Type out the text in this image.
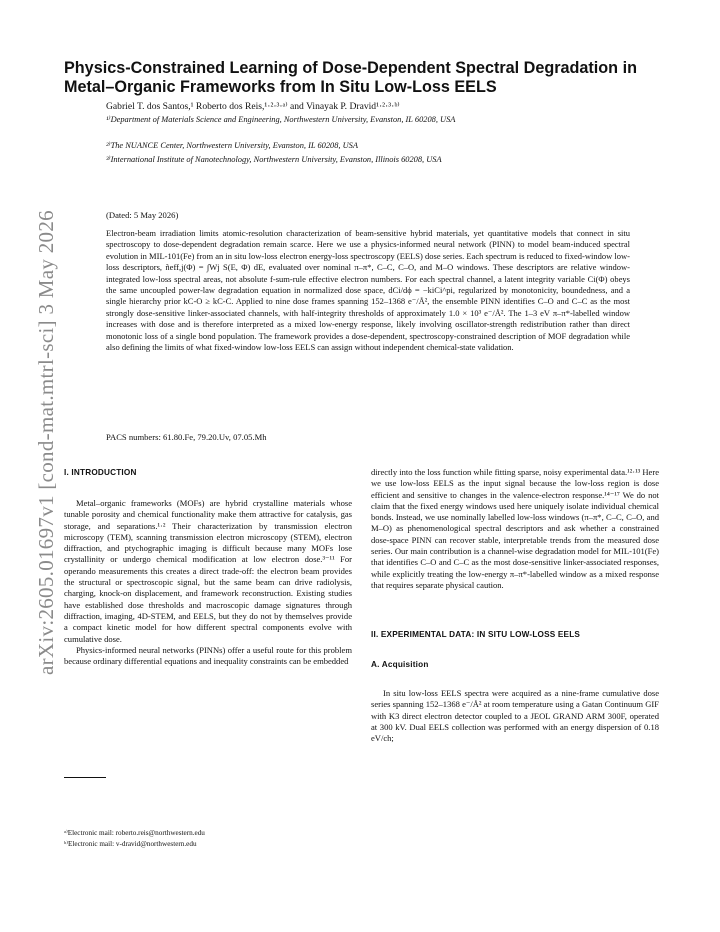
arXiv:2605.01697v1 [cond-mat.mtrl-sci] 3 May 2026
Physics-Constrained Learning of Dose-Dependent Spectral Degradation in Metal–Organic Frameworks from In Situ Low-Loss EELS
Gabriel T. dos Santos,¹ Roberto dos Reis,¹·²·³·ᵃ⁾ and Vinayak P. Dravid¹·²·³·ᵇ⁾
¹⁾Department of Materials Science and Engineering, Northwestern University, Evanston, IL 60208, USA
²⁾The NUANCE Center, Northwestern University, Evanston, IL 60208, USA
³⁾International Institute of Nanotechnology, Northwestern University, Evanston, Illinois 60208, USA
(Dated: 5 May 2026)
Electron-beam irradiation limits atomic-resolution characterization of beam-sensitive hybrid materials, yet quantitative models that connect in situ spectroscopy to dose-dependent degradation remain scarce. Here we use a physics-informed neural network (PINN) to model beam-induced spectral evolution in MIL-101(Fe) from an in situ low-loss electron energy-loss spectroscopy (EELS) dose series. Each spectrum is reduced to fixed-window low-loss descriptors, ñeff,j(Φ) = ∫Wj S(E, Φ) dE, evaluated over nominal π–π*, C–C, C–O, and M–O windows. These descriptors are relative window-integrated low-loss spectral areas, not absolute f-sum-rule effective electron numbers. For each spectral channel, a latent integrity variable Ci(Φ) obeys the same uncoupled power-law degradation equation in normalized dose space, dCi/dϕ = −kiCi^pi, regularized by monotonicity, boundedness, and a single hierarchy prior kC-O ≥ kC-C. Applied to nine dose frames spanning 152–1368 e⁻/Å², the ensemble PINN identifies C–O and C–C as the most strongly dose-sensitive linker-associated channels, with half-integrity thresholds of approximately 1.0 × 10³ e⁻/Å². The 1–3 eV π–π*-labelled window increases with dose and is therefore interpreted as a mixed low-energy response, likely involving oscillator-strength redistribution rather than direct monotonic loss of a single bond population. The framework provides a dose-dependent, spectroscopy-constrained description of MOF degradation while also defining the limits of what fixed-window low-loss EELS can assign without independent chemical-state validation.
PACS numbers: 61.80.Fe, 79.20.Uv, 07.05.Mh
I. INTRODUCTION

Metal–organic frameworks (MOFs) are hybrid crystalline materials whose tunable porosity and chemical functionality make them attractive for catalysis, gas storage, and separations.¹·² Their characterization by transmission electron microscopy (TEM), scanning transmission electron microscopy (STEM), electron diffraction, and ptychographic imaging is difficult because many MOFs lose crystallinity or undergo chemical modification at low electron dose.³⁻¹¹ For operando measurements this creates a direct trade-off: the electron beam provides the structural or spectroscopic signal, but the same beam can drive radiolysis, charging, knock-on displacement, and framework reconstruction. Existing studies have established dose thresholds and macroscopic damage signatures through diffraction, imaging, 4D-STEM, and EELS, but they do not by themselves provide a compact kinetic model for how different spectral components evolve with cumulative dose.

Physics-informed neural networks (PINNs) offer a useful route for this problem because ordinary differential equations and inequality constraints can be embedded

directly into the loss function while fitting sparse, noisy experimental data.¹²·¹³ Here we use low-loss EELS as the input signal because the low-loss region is dose efficient and sensitive to changes in the valence-electron response.¹⁴⁻¹⁷ We do not claim that the fixed energy windows used here uniquely isolate individual chemical bonds. Instead, we use nominally labelled low-loss windows (π–π*, C–C, C–O, and M–O) as phenomenological spectral descriptors and ask whether a constrained dose-space PINN can recover stable, interpretable trends from the measured dose series. Our main contribution is a channel-wise degradation model for MIL-101(Fe) that identifies C–O and C–C as the most dose-sensitive linker-associated responses, while explicitly treating the low-energy π–π*-labelled window as a mixed response that requires separate physical caution.

II. EXPERIMENTAL DATA: IN SITU LOW-LOSS EELS
A. Acquisition

In situ low-loss EELS spectra were acquired as a nine-frame cumulative dose series spanning 152–1368 e⁻/Å² at room temperature using a Gatan Continuum GIF with K3 direct electron detector coupled to a JEOL GRAND ARM 300F, operated at 300 kV. Dual EELS collection was performed with an energy dispersion of 0.18 eV/ch;

ᵃ⁾Electronic mail: roberto.reis@northwestern.edu
ᵇ⁾Electronic mail: v-dravid@northwestern.edu
